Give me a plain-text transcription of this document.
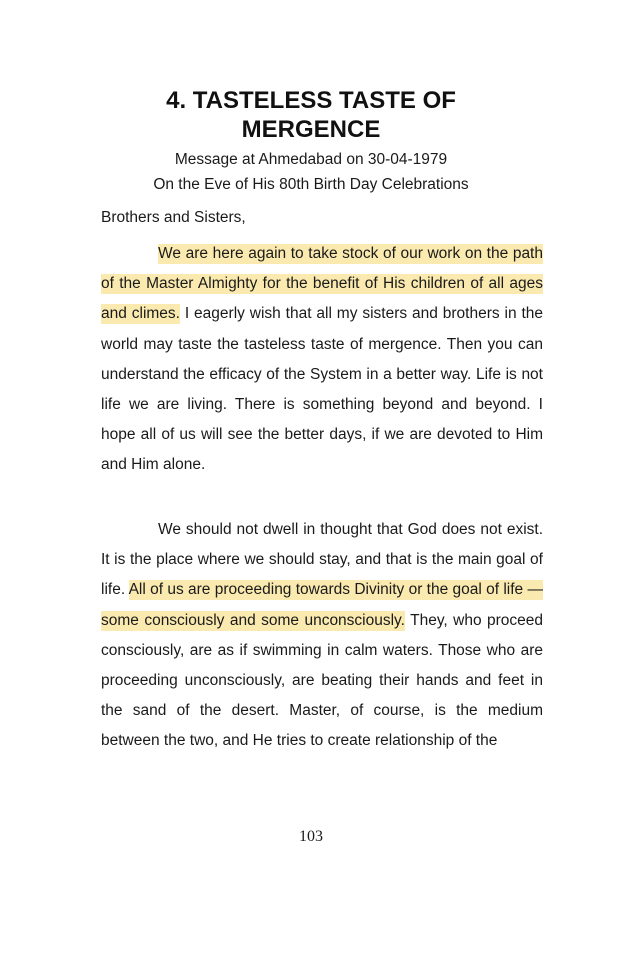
4. TASTELESS TASTE OF
MERGENCE
Message at Ahmedabad on 30-04-1979
On the Eve of His 80th Birth Day Celebrations
Brothers and Sisters,

We are here again to take stock of our work on the path of the Master Almighty for the benefit of His children of all ages and climes. I eagerly wish that all my sisters and brothers in the world may taste the tasteless taste of mergence. Then you can understand the efficacy of the System in a better way. Life is not life we are living. There is something beyond and beyond. I hope all of us will see the better days, if we are devoted to Him and Him alone.

We should not dwell in thought that God does not exist. It is the place where we should stay, and that is the main goal of life. All of us are proceeding towards Divinity or the goal of life — some consciously and some unconsciously. They, who proceed consciously, are as if swimming in calm waters. Those who are proceeding unconsciously, are beating their hands and feet in the sand of the desert. Master, of course, is the medium between the two, and He tries to create relationship of the

103
